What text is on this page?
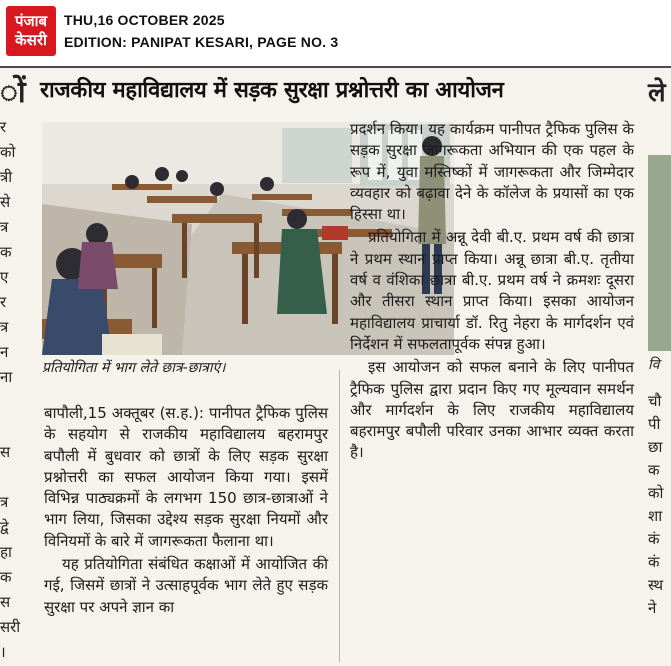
पंजाब
केसरी
THU,16 OCTOBER 2025
EDITION: PANIPAT KESARI, PAGE NO. 3
ों
र
को
त्री
से
त्र
क
ए
र
त्र
न
ना

स

त्र
द्वे
हा
क
स
सरी
।
ले
वि
चौ
पी
छा
क
को
शा
कं
कं
स्थ
ने
राजकीय महाविद्यालय में सड़क सुरक्षा प्रश्नोत्तरी का आयोजन
प्रतियोगिता में भाग लेते छात्र-छात्राएं।

बापौली,15 अक्तूबर (स.ह.): पानीपत ट्रैफिक पुलिस के सहयोग से राजकीय महाविद्यालय बहरामपुर बपौली में बुधवार को छात्रों के लिए सड़क सुरक्षा प्रश्नोत्तरी का सफल आयोजन किया गया। इसमें विभिन्न पाठ्यक्रमों के लगभग 150 छात्र-छात्राओं ने भाग लिया, जिसका उद्देश्य सड़क सुरक्षा नियमों और विनियमों के बारे में जागरूकता फैलाना था।

यह प्रतियोगिता संबंधित कक्षाओं में आयोजित की गई, जिसमें छात्रों ने उत्साहपूर्वक भाग लेते हुए सड़क सुरक्षा पर अपने ज्ञान का

प्रदर्शन किया। यह कार्यक्रम पानीपत ट्रैफिक पुलिस के सड़क सुरक्षा जागरूकता अभियान की एक पहल के रूप में, युवा मस्तिष्कों में जागरूकता और जिम्मेदार व्यवहार को बढ़ावा देने के कॉलेज के प्रयासों का एक हिस्सा था।

प्रतियोगिता में अन्नू देवी बी.ए. प्रथम वर्ष की छात्रा ने प्रथम स्थान प्राप्त किया। अन्नू छात्रा बी.ए. तृतीया वर्ष व वंशिका छात्रा बी.ए. प्रथम वर्ष ने क्रमशः दूसरा और तीसरा स्थान प्राप्त किया। इसका आयोजन महाविद्यालय प्राचार्या डॉ. रितु नेहरा के मार्गदर्शन एवं निर्देशन में सफलतापूर्वक संपन्न हुआ।

इस आयोजन को सफल बनाने के लिए पानीपत ट्रैफिक पुलिस द्वारा प्रदान किए गए मूल्यवान समर्थन और मार्गदर्शन के लिए राजकीय महाविद्यालय बहरामपुर बपौली परिवार उनका आभार व्यक्त करता है।
